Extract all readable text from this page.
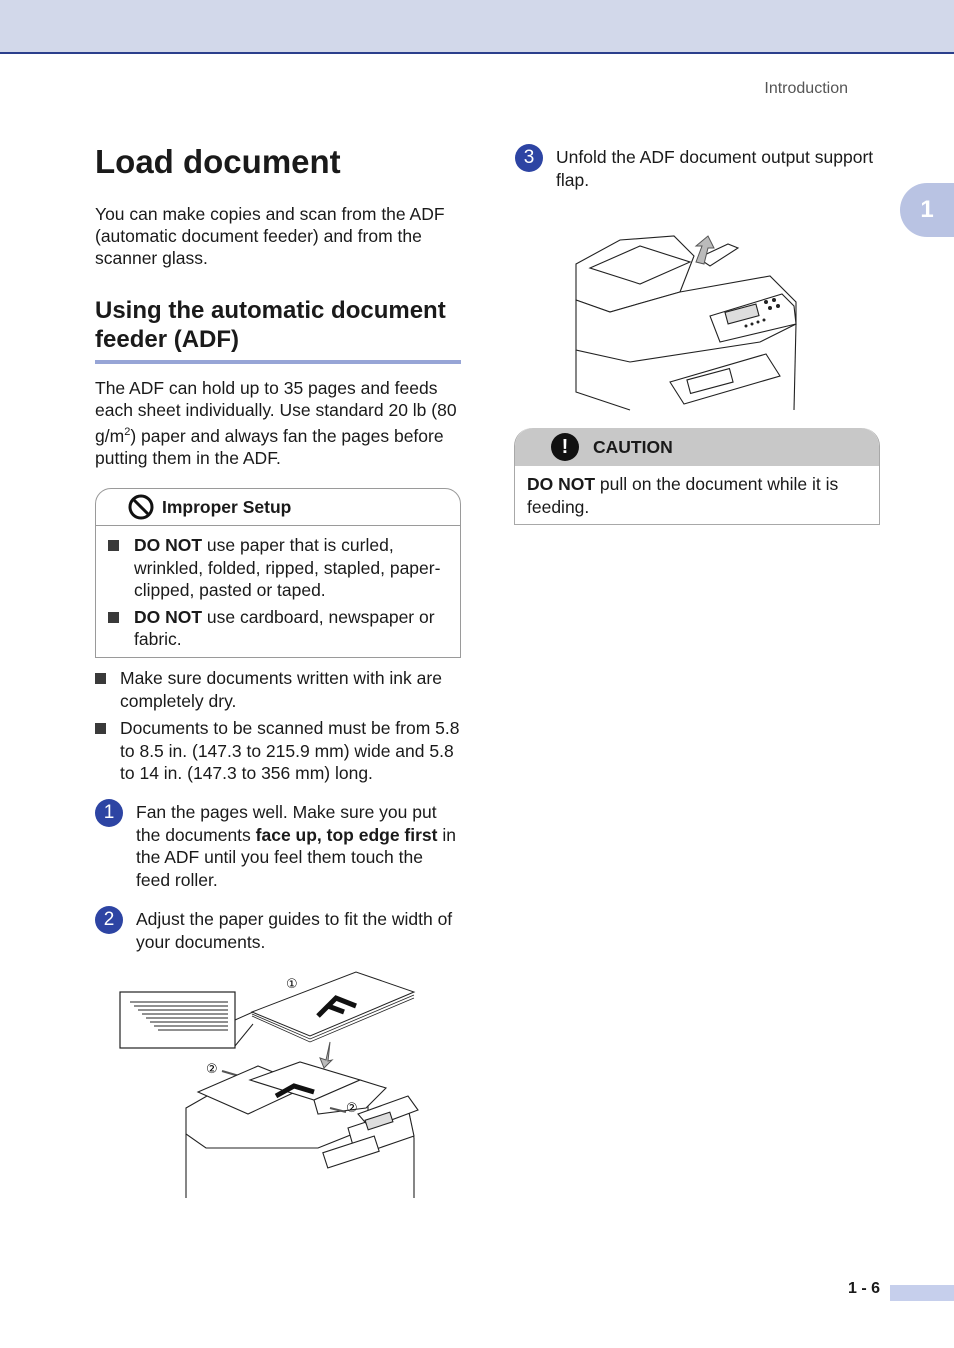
Introduction
1
Load document

You can make copies and scan from the ADF (automatic document feeder) and from the scanner glass.

Using the automatic document feeder (ADF)

The ADF can hold up to 35 pages and feeds each sheet individually. Use standard 20 lb (80 $g/m^2$) paper and always fan the pages before putting them in the ADF.

Improper Setup
DO NOT use paper that is curled, wrinkled, folded, ripped, stapled, paper-clipped, pasted or taped.
DO NOT use cardboard, newspaper or fabric.
Make sure documents written with ink are completely dry.
Documents to be scanned must be from 5.8 to 8.5 in. (147.3 to 215.9 mm) wide and 5.8 to 14 in. (147.3 to 356 mm) long.
1	Fan the pages well. Make sure you put the documents face up, top edge first in the ADF until you feel them touch the feed roller.
2	Adjust the paper guides to fit the width of your documents.
①
②
②
3	Unfold the ADF document output support flap.
!	CAUTION
DO NOT pull on the document while it is feeding.
1 - 6
